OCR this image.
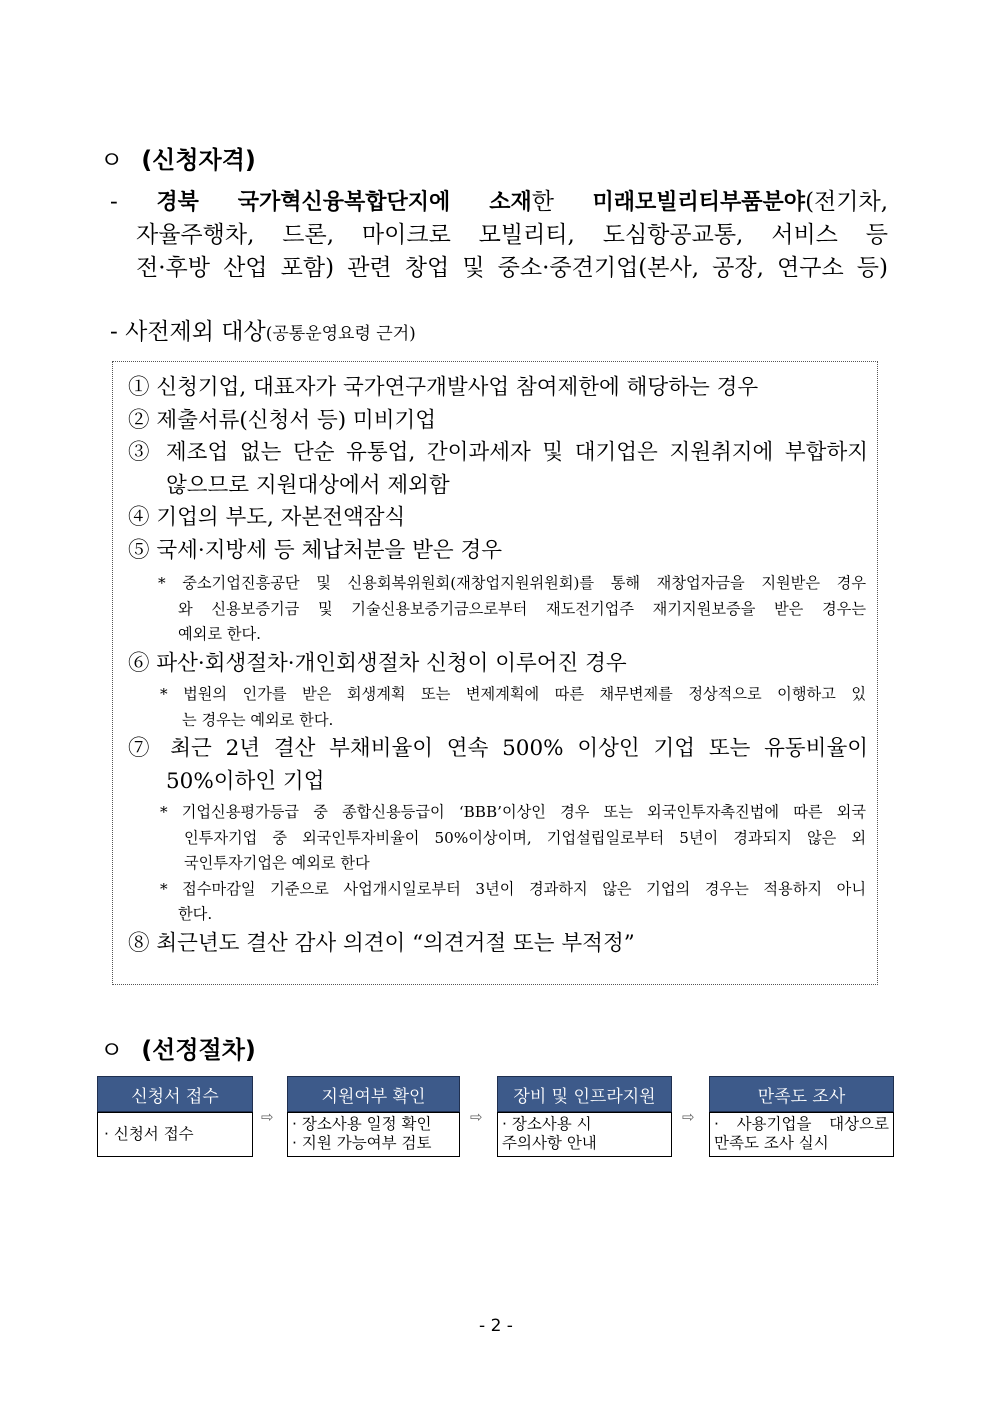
ㅇ (신청자격)
- 경북 국가혁신융복합단지에 소재한 미래모빌리티부품분야(전기차,
자율주행차, 드론, 마이크로 모빌리티, 도심항공교통, 서비스 등
전·후방 산업 포함) 관련 창업 및 중소·중견기업(본사, 공장, 연구소 등)
- 사전제외 대상(공통운영요령 근거)
① 신청기업, 대표자가 국가연구개발사업 참여제한에 해당하는 경우
② 제출서류(신청서 등) 미비기업
③ 제조업 없는 단순 유통업, 간이과세자 및 대기업은 지원취지에 부합하지
않으므로 지원대상에서 제외함
④ 기업의 부도, 자본전액잠식
⑤ 국세·지방세 등 체납처분을 받은 경우
* 중소기업진흥공단 및 신용회복위원회(재창업지원위원회)를 통해 재창업자금을 지원받은 경우
와 신용보증기금 및 기술신용보증기금으로부터 재도전기업주 재기지원보증을 받은 경우는
예외로 한다.
⑥ 파산·회생절차·개인회생절차 신청이 이루어진 경우
* 법원의 인가를 받은 회생계획 또는 변제계획에 따른 채무변제를 정상적으로 이행하고 있
는 경우는 예외로 한다.
⑦ 최근 2년 결산 부채비율이 연속 500% 이상인 기업 또는 유동비율이
50%이하인 기업
* 기업신용평가등급 중 종합신용등급이 ‘BBB’이상인 경우 또는 외국인투자촉진법에 따른 외국
인투자기업 중 외국인투자비율이 50%이상이며, 기업설립일로부터 5년이 경과되지 않은 외
국인투자기업은 예외로 한다
* 접수마감일 기준으로 사업개시일로부터 3년이 경과하지 않은 기업의 경우는 적용하지 아니
한다.
⑧ 최근년도 결산 감사 의견이 “의견거절 또는 부적정”
ㅇ (선정절차)
신청서 접수
· 신청서 접수
⇨
지원여부 확인
· 장소사용 일정 확인
· 지원 가능여부 검토
⇨
장비 및 인프라지원
· 장소사용 시
주의사항 안내
⇨
만족도 조사
· 사용기업을 대상으로
만족도 조사 실시
- 2 -
